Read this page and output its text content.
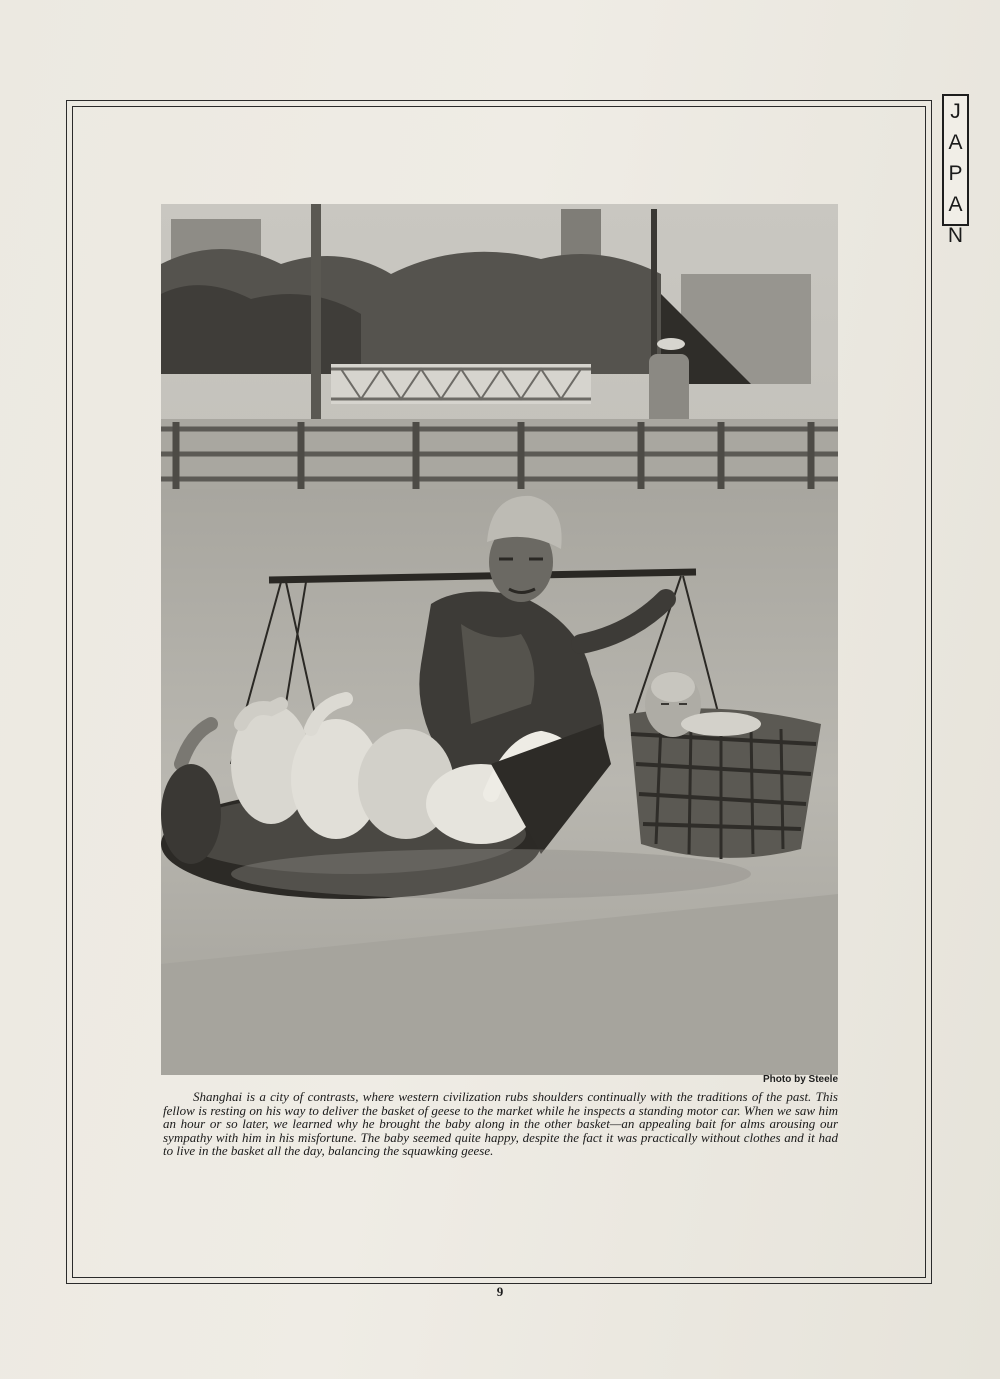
J
A
P
A
N
Photo by Steele

Shanghai is a city of contrasts, where western civilization rubs shoulders continually with the traditions of the past. This fellow is resting on his way to deliver the basket of geese to the market while he inspects a standing motor car. When we saw him an hour or so later, we learned why he brought the baby along in the other basket—an appealing bait for alms arousing our sympathy with him in his misfortune. The baby seemed quite happy, despite the fact it was practically without clothes and it had to live in the basket all the day, balancing the squawking geese.

9
